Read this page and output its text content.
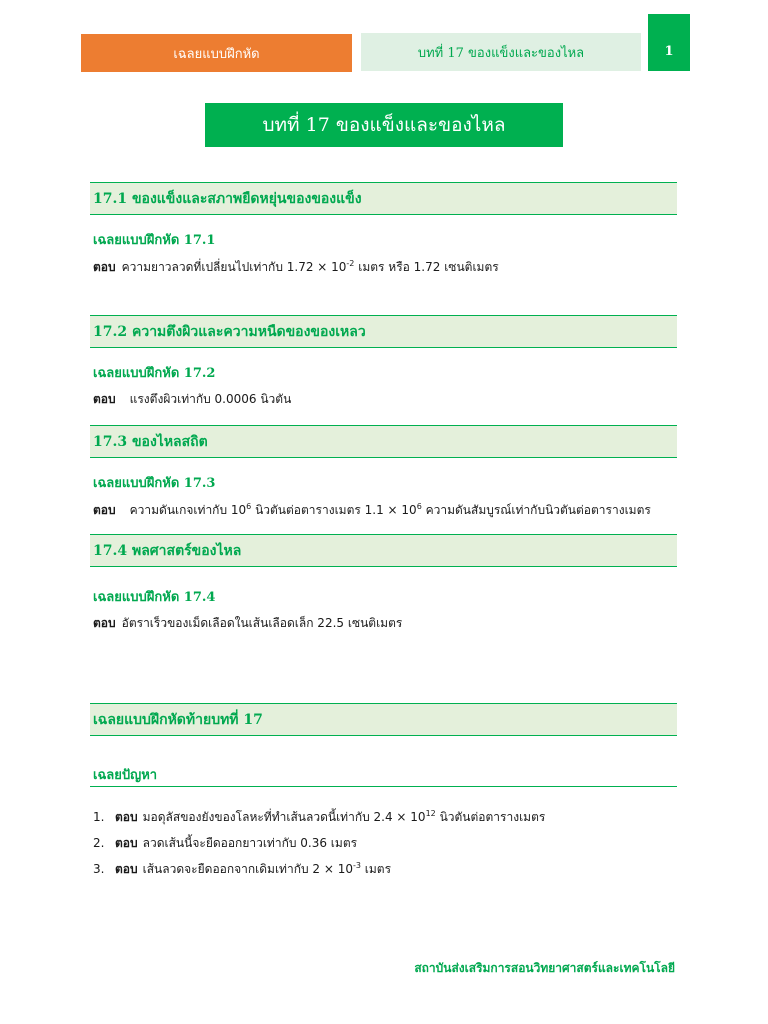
เฉลยแบบฝึกหัด	บทที่ 17 ของแข็งและของไหล	1
บทที่ 17 ของแข็งและของไหล
17.1 ของแข็งและสภาพยืดหยุ่นของของแข็ง
เฉลยแบบฝึกหัด 17.1
ตอบ ความยาวลวดที่เปลี่ยนไปเท่ากับ $1.72 \times 10^{-2}$ เมตร หรือ 1.72 เซนติเมตร
17.2 ความตึงผิวและความหนืดของของเหลว
เฉลยแบบฝึกหัด 17.2
ตอบ แรงตึงผิวเท่ากับ 0.0006 นิวตัน
17.3 ของไหลสถิต
เฉลยแบบฝึกหัด 17.3
ตอบ ความดันเกจเท่ากับ $10^6$ นิวตันต่อตารางเมตร $1.1 \times 10^6$ ความดันสัมบูรณ์เท่ากับนิวตันต่อตารางเมตร
17.4 พลศาสตร์ของไหล
เฉลยแบบฝึกหัด 17.4
ตอบ อัตราเร็วของเม็ดเลือดในเส้นเลือดเล็ก 22.5 เซนติเมตร
เฉลยแบบฝึกหัดท้ายบทที่ 17
เฉลยปัญหา
1. ตอบ มอดุลัสของยังของโลหะที่ทำเส้นลวดนี้เท่ากับ $2.4 \times 10^{12}$ นิวตันต่อตารางเมตร
2. ตอบ ลวดเส้นนี้จะยืดออกยาวเท่ากับ 0.36 เมตร
3. ตอบ เส้นลวดจะยืดออกจากเดิมเท่ากับ $2 \times 10^{-3}$ เมตร
สถาบันส่งเสริมการสอนวิทยาศาสตร์และเทคโนโลยี
